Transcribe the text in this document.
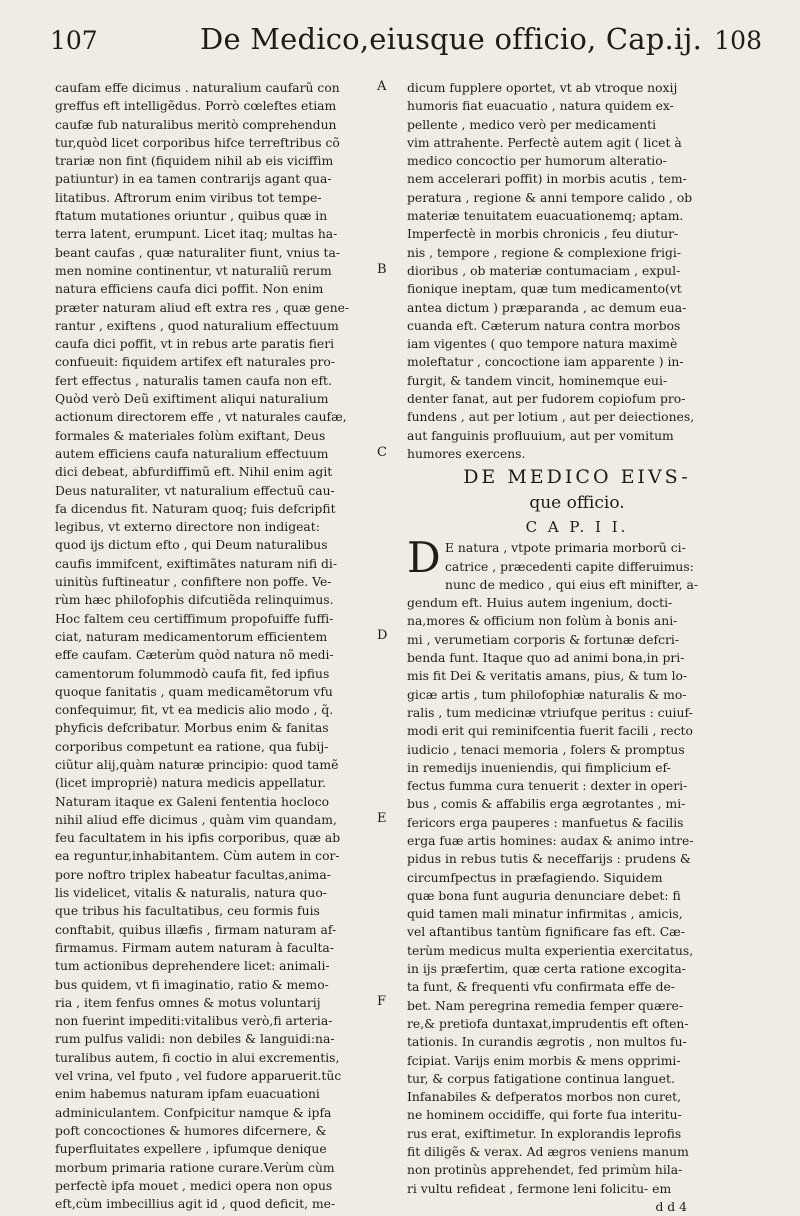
107	De Medico,eiusque officio, Cap.ij. 108
caufam effe dicimus . naturalium caufarũ con
greffus eft intelligẽdus. Porrò cœleftes etiam
caufæ fub naturalibus meritò comprehendun
tur,quòd licet corporibus hifce terreftribus cõ
trariæ non fint (fiquidem nihil ab eis viciffim
patiuntur) in ea tamen contrarijs agant qua-
litatibus. Aftrorum enim viribus tot tempe-
ftatum mutationes oriuntur , quibus quæ in
terra latent, erumpunt. Licet itaq; multas ha-
beant caufas , quæ naturaliter fiunt, vnius ta-
men nomine continentur, vt naturaliũ rerum
natura efficiens caufa dici poffit. Non enim
præter naturam aliud eft extra res , quæ gene-
rantur , exiftens , quod naturalium effectuum
caufa dici poffit, vt in rebus arte paratis fieri
confueuit: fiquidem artifex eft naturales pro-
fert effectus , naturalis tamen caufa non eft.
Quòd verò Deũ exiftiment aliqui naturalium
actionum directorem effe , vt naturales caufæ,
formales & materiales folùm exiftant, Deus
autem efficiens caufa naturalium effectuum
dici debeat, abfurdiffimũ eft. Nihil enim agit
Deus naturaliter, vt naturalium effectuũ cau-
fa dicendus fit. Naturam quoq; fuis defcripfit
legibus, vt externo directore non indigeat:
quod ijs dictum efto , qui Deum naturalibus
caufis immifcent, exiftimãtes naturam nifi di-
uinitùs fuftineatur , confiftere non poffe. Ve-
rùm hæc philofophis difcutiẽda relinquimus.
Hoc faltem ceu certiffimum propofuiffe fuffi-
ciat, naturam medicamentorum efficientem
effe caufam. Cæterùm quòd natura nõ medi-
camentorum folummodò caufa fit, fed ipfius
quoque fanitatis , quam medicamẽtorum vfu
confequimur, fit, vt ea medicis alio modo , q̃.
phyficis defcribatur. Morbus enim & fanitas
corporibus competunt ea ratione, qua fubij-
ciũtur alij,quàm naturæ principio: quod tamẽ
(licet impropriè) natura medicis appellatur.
Naturam itaque ex Galeni fententia hocloco
nihil aliud effe dicimus , quàm vim quandam,
feu facultatem in his ipfis corporibus, quæ ab
ea reguntur,inhabitantem. Cùm autem in cor-
pore noftro triplex habeatur facultas,anima-
lis videlicet, vitalis & naturalis, natura quo-
que tribus his facultatibus, ceu formis fuis
conftabit, quibus illæfis , firmam naturam af-
firmamus. Firmam autem naturam à faculta-
tum actionibus deprehendere licet: animali-
bus quidem, vt fi imaginatio, ratio & memo-
ria , item fenfus omnes & motus voluntarij
non fuerint impediti:vitalibus verò,fi arteria-
rum pulfus validi: non debiles & languidi:na-
turalibus autem, fi coctio in alui excrementis,
vel vrina, vel fputo , vel fudore apparuerit.tũc
enim habemus naturam ipfam euacuationi
adminiculantem. Confpicitur namque & ipfa
poft concoctiones & humores difcernere, &
fuperfluitates expellere , ipfumque denique
morbum primaria ratione curare.Verùm cùm
perfectè ipfa mouet , medici opera non opus
eft,cùm imbecillius agit id , quod deficit, me-
A
B
C
D
E
F
dicum fupplere oportet, vt ab vtroque noxij
humoris fiat euacuatio , natura quidem ex-
pellente , medico verò per medicamenti
vim attrahente. Perfectè autem agit ( licet à
medico concoctio per humorum alteratio-
nem accelerari poffit) in morbis acutis , tem-
peratura , regione & anni tempore calido , ob
materiæ tenuitatem euacuationemq; aptam.
Imperfectè in morbis chronicis , feu diutur-
nis , tempore , regione & complexione frigi-
dioribus , ob materiæ contumaciam , expul-
fionique ineptam, quæ tum medicamento(vt
antea dictum ) præparanda , ac demum eua-
cuanda eft. Cæterum natura contra morbos
iam vigentes ( quo tempore natura maximè
moleftatur , concoctione iam apparente ) in-
furgit, & tandem vincit, hominemque eui-
denter fanat, aut per fudorem copiofum pro-
fundens , aut per lotium , aut per deiectiones,
aut fanguinis profluuium, aut per vomitum
humores exercens.
DE MEDICO EIVS-
que officio.
C A P. I I.
D E natura , vtpote primaria morborũ ci-
catrice , præcedenti capite differuimus:
nunc de medico , qui eius eft minifter, a-
gendum eft. Huius autem ingenium, docti-
na,mores & officium non folùm à bonis ani-
mi , verumetiam corporis & fortunæ defcri-
benda funt. Itaque quo ad animi bona,in pri-
mis fit Dei & veritatis amans, pius, & tum lo-
gicæ artis , tum philofophiæ naturalis & mo-
ralis , tum medicinæ vtriufque peritus : cuiuf-
modi erit qui reminifcentia fuerit facili , recto
iudicio , tenaci memoria , folers & promptus
in remedijs inueniendis, qui fimplicium ef-
fectus fumma cura tenuerit : dexter in operi-
bus , comis & affabilis erga ægrotantes , mi-
fericors erga pauperes : manfuetus & facilis
erga fuæ artis homines: audax & animo intre-
pidus in rebus tutis & neceffarijs : prudens &
circumfpectus in præfagiendo. Siquidem
quæ bona funt auguria denunciare debet: fi
quid tamen mali minatur infirmitas , amicis,
vel aftantibus tantùm fignificare fas eft. Cæ-
terùm medicus multa experientia exercitatus,
in ijs præfertim, quæ certa ratione excogita-
ta funt, & frequenti vfu confirmata effe de-
bet. Nam peregrina remedia femper quære-
re,& pretiofa duntaxat,imprudentis eft often-
tationis. In curandis ægrotis , non multos fu-
fcipiat. Varijs enim morbis & mens opprimi-
tur, & corpus fatigatione continua languet.
Infanabiles & defperatos morbos non curet,
ne hominem occidiffe, qui forte fua interitu-
rus erat, exiftimetur. In explorandis leprofis
fit diligẽs & verax. Ad ægros veniens manum
non protinùs apprehendet, fed primùm hila-
ri vultu refideat , fermone leni folicitu- em
d d 4
